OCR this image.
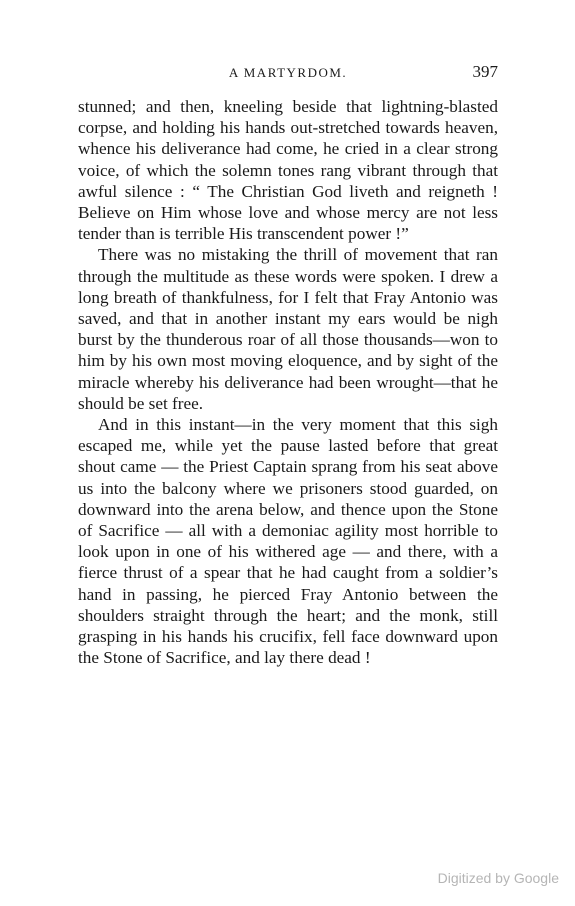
A MARTYRDOM.	397

stunned; and then, kneeling beside that lightning-blasted corpse, and holding his hands out-stretched towards heaven, whence his deliverance had come, he cried in a clear strong voice, of which the solemn tones rang vibrant through that awful silence : “ The Christian God liveth and reigneth ! Believe on Him whose love and whose mercy are not less tender than is terrible His transcendent power !”

There was no mistaking the thrill of movement that ran through the multitude as these words were spoken. I drew a long breath of thankfulness, for I felt that Fray Antonio was saved, and that in another instant my ears would be nigh burst by the thunderous roar of all those thousands—won to him by his own most moving eloquence, and by sight of the miracle whereby his deliverance had been wrought—that he should be set free.

And in this instant—in the very moment that this sigh escaped me, while yet the pause lasted before that great shout came — the Priest Captain sprang from his seat above us into the balcony where we prisoners stood guarded, on downward into the arena below, and thence upon the Stone of Sacrifice — all with a demoniac agility most horrible to look upon in one of his withered age — and there, with a fierce thrust of a spear that he had caught from a soldier’s hand in passing, he pierced Fray Antonio between the shoulders straight through the heart; and the monk, still grasping in his hands his crucifix, fell face downward upon the Stone of Sacrifice, and lay there dead !

Digitized by Google
